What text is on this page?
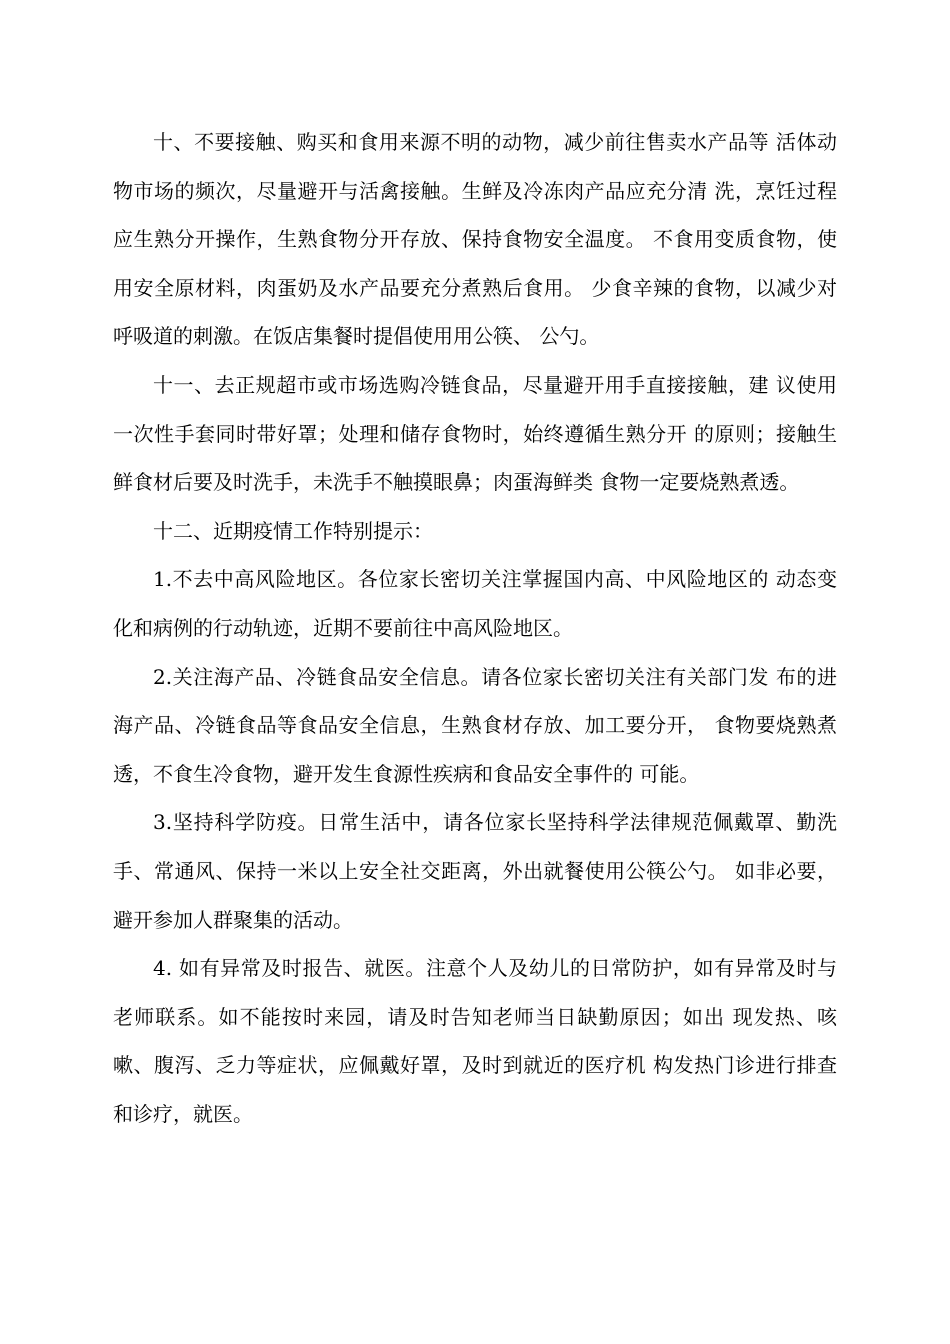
十、不要接触、购买和食用来源不明的动物，减少前往售卖水产品等 活体动物市场的频次，尽量避开与活禽接触。生鲜及冷冻肉产品应充分清 洗，烹饪过程应生熟分开操作，生熟食物分开存放、保持食物安全温度。 不食用变质食物，使用安全原材料，肉蛋奶及水产品要充分煮熟后食用。 少食辛辣的食物，以减少对呼吸道的刺激。在饭店集餐时提倡使用用公筷、 公勺。

十一、去正规超市或市场选购冷链食品，尽量避开用手直接接触，建 议使用一次性手套同时带好罩；处理和储存食物时，始终遵循生熟分开 的原则；接触生鲜食材后要及时洗手，未洗手不触摸眼鼻；肉蛋海鲜类 食物一定要烧熟煮透。

十二、近期疫情工作特别提示：

1.不去中高风险地区。各位家长密切关注掌握国内高、中风险地区的 动态变化和病例的行动轨迹，近期不要前往中高风险地区。

2.关注海产品、冷链食品安全信息。请各位家长密切关注有关部门发 布的进海产品、冷链食品等食品安全信息，生熟食材存放、加工要分开， 食物要烧熟煮透，不食生冷食物，避开发生食源性疾病和食品安全事件的 可能。

3.坚持科学防疫。日常生活中，请各位家长坚持科学法律规范佩戴罩、勤洗手、常通风、保持一米以上安全社交距离，外出就餐使用公筷公勺。 如非必要，避开参加人群聚集的活动。

4. 如有异常及时报告、就医。注意个人及幼儿的日常防护，如有异常及时与老师联系。如不能按时来园，请及时告知老师当日缺勤原因；如出 现发热、咳嗽、腹泻、乏力等症状，应佩戴好罩，及时到就近的医疗机 构发热门诊进行排查和诊疗，就医。
